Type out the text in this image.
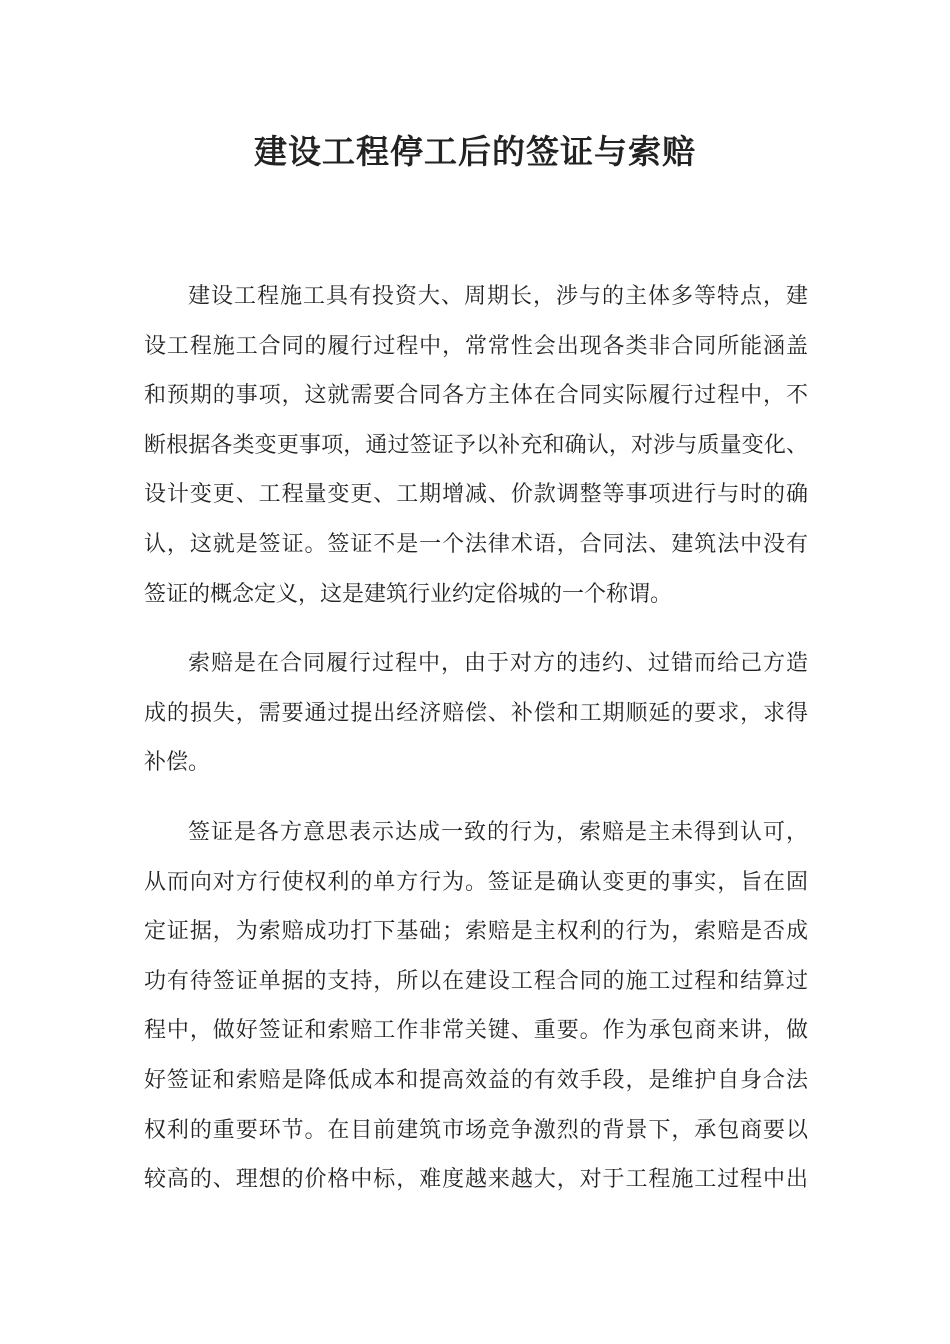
建设工程停工后的签证与索赔
建设工程施工具有投资大、周期长，涉与的主体多等特点，建
设工程施工合同的履行过程中，常常性会出现各类非合同所能涵盖
和预期的事项，这就需要合同各方主体在合同实际履行过程中，不
断根据各类变更事项，通过签证予以补充和确认，对涉与质量变化、
设计变更、工程量变更、工期增减、价款调整等事项进行与时的确
认，这就是签证。签证不是一个法律术语，合同法、建筑法中没有
签证的概念定义，这是建筑行业约定俗城的一个称谓。
索赔是在合同履行过程中，由于对方的违约、过错而给己方造
成的损失，需要通过提出经济赔偿、补偿和工期顺延的要求，求得
补偿。
签证是各方意思表示达成一致的行为，索赔是主未得到认可，
从而向对方行使权利的单方行为。签证是确认变更的事实，旨在固
定证据，为索赔成功打下基础；索赔是主权利的行为，索赔是否成
功有待签证单据的支持，所以在建设工程合同的施工过程和结算过
程中，做好签证和索赔工作非常关键、重要。作为承包商来讲，做
好签证和索赔是降低成本和提高效益的有效手段，是维护自身合法
权利的重要环节。在目前建筑市场竞争激烈的背景下，承包商要以
较高的、理想的价格中标，难度越来越大，对于工程施工过程中出
